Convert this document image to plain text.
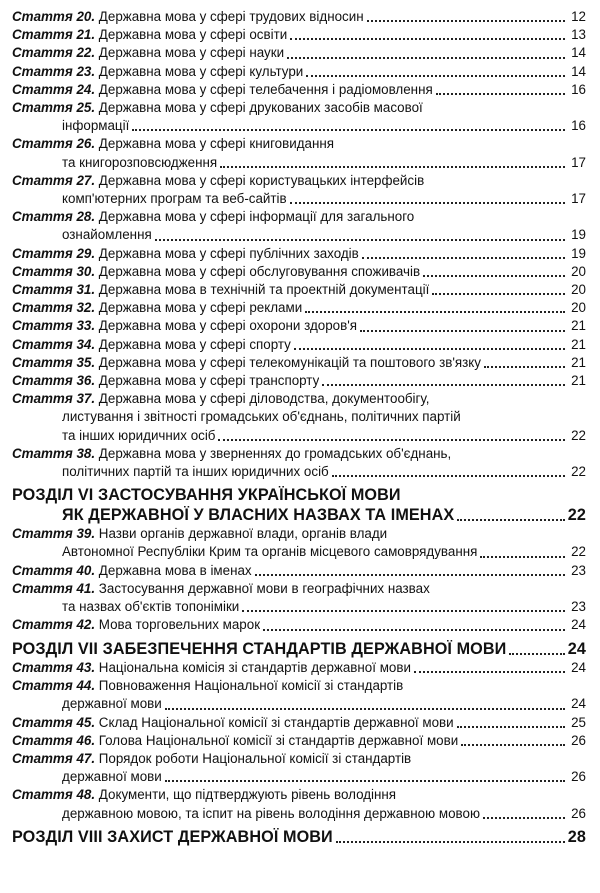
Стаття 20. Державна мова у сфері трудових відносин	12
Стаття 21. Державна мова у сфері освіти	13
Стаття 22. Державна мова у сфері науки	14
Стаття 23. Державна мова у сфері культури	14
Стаття 24. Державна мова у сфері телебачення і радіомовлення	16
Стаття 25. Державна мова у сфері друкованих засобів масової
інформації	16
Стаття 26. Державна мова у сфері книговидання
та книгорозповсюдження	17
Стаття 27. Державна мова у сфері користувацьких інтерфейсів
комп'ютерних програм та веб-сайтів	17
Стаття 28. Державна мова у сфері інформації для загального
ознайомлення	19
Стаття 29. Державна мова у сфері публічних заходів	19
Стаття 30. Державна мова у сфері обслуговування споживачів	20
Стаття 31. Державна мова в технічній та проектній документації	20
Стаття 32. Державна мова у сфері реклами	20
Стаття 33. Державна мова у сфері охорони здоров'я	21
Стаття 34. Державна мова у сфері спорту	21
Стаття 35. Державна мова у сфері телекомунікацій та поштового зв'язку	21
Стаття 36. Державна мова у сфері транспорту	21
Стаття 37. Державна мова у сфері діловодства, документообігу,
листування і звітності громадських об'єднань, політичних партій
та інших юридичних осіб	22
Стаття 38. Державна мова у зверненнях до громадських об'єднань,
політичних партій та інших юридичних осіб	22
РОЗДІЛ VI ЗАСТОСУВАННЯ УКРАЇНСЬКОЇ МОВИ
ЯК ДЕРЖАВНОЇ У ВЛАСНИХ НАЗВАХ ТА ІМЕНАХ	22
Стаття 39. Назви органів державної влади, органів влади
Автономної Республіки Крим та органів місцевого самоврядування	22
Стаття 40. Державна мова в іменах	23
Стаття 41. Застосування державної мови в географічних назвах
та назвах об'єктів топоніміки	23
Стаття 42. Мова торговельних марок	24
РОЗДІЛ VII ЗАБЕЗПЕЧЕННЯ СТАНДАРТІВ ДЕРЖАВНОЇ МОВИ	24
Стаття 43. Національна комісія зі стандартів державної мови	24
Стаття 44. Повноваження Національної комісії зі стандартів
державної мови	24
Стаття 45. Склад Національної комісії зі стандартів державної мови	25
Стаття 46. Голова Національної комісії зі стандартів державної мови	26
Стаття 47. Порядок роботи Національної комісії зі стандартів
державної мови	26
Стаття 48. Документи, що підтверджують рівень володіння
державною мовою, та іспит на рівень володіння державною мовою	26
РОЗДІЛ VIII ЗАХИСТ ДЕРЖАВНОЇ МОВИ	28
